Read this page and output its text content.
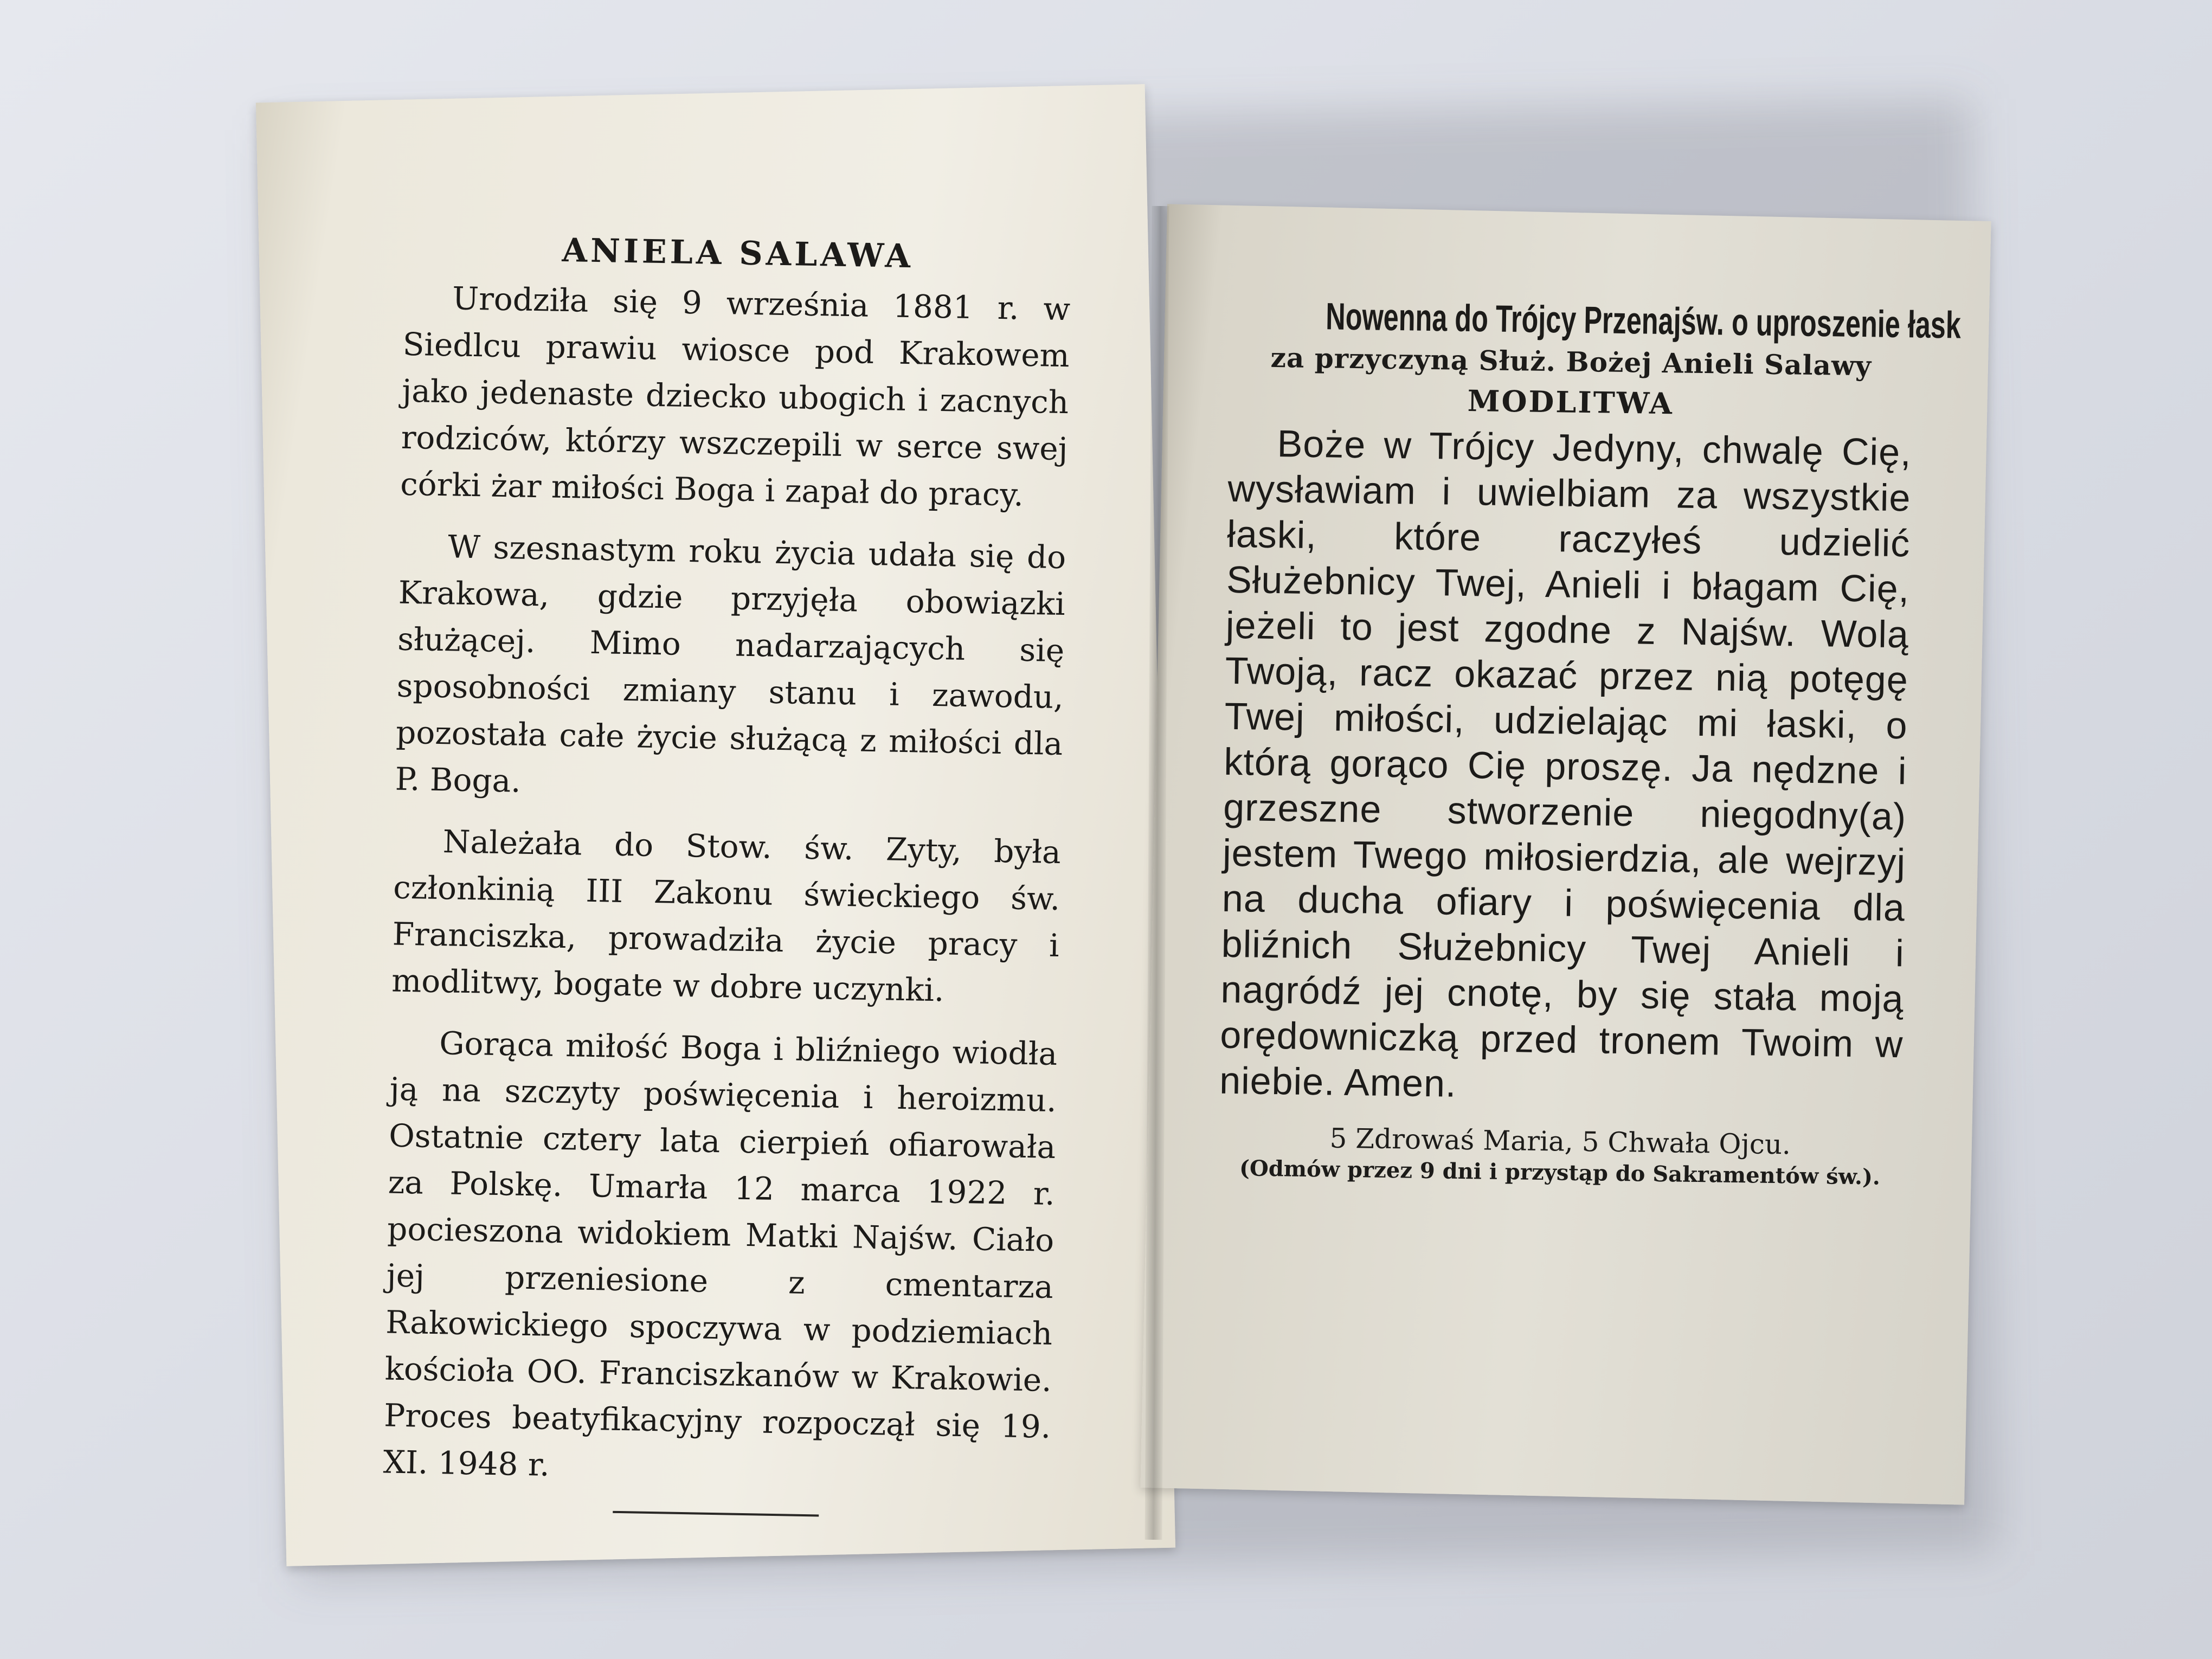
ANIELA SALAWA

Urodziła się 9 września 1881 r. w Siedlcu prawiu wiosce pod Krakowem jako jedenaste dziecko ubogich i zacnych rodziców, którzy wszczepili w serce swej córki żar miłości Boga i zapał do pracy.

W szesnastym roku życia udała się do Krakowa, gdzie przyjęła obowiązki służącej. Mimo nadarzających się sposobności zmiany stanu i zawodu, pozostała całe życie służącą z miłości dla P. Boga.

Należała do Stow. św. Zyty, była członkinią III Zakonu świeckiego św. Franciszka, prowadziła życie pracy i modlitwy, bogate w dobre uczynki.

Gorąca miłość Boga i bliźniego wiodła ją na szczyty poświęcenia i heroizmu. Ostatnie cztery lata cierpień ofiarowała za Polskę. Umarła 12 marca 1922 r. pocieszona widokiem Matki Najśw. Ciało jej przeniesione z cmentarza Rakowickiego spoczywa w podziemiach kościoła OO. Franciszkanów w Krakowie. Proces beatyfikacyjny rozpoczął się 19. XI. 1948 r.

Nowenna do Trójcy Przenajśw. o uproszenie łask
za przyczyną Służ. Bożej Anieli Salawy
MODLITWA

Boże w Trójcy Jedyny, chwalę Cię, wysławiam i uwielbiam za wszystkie łaski, które raczyłeś udzielić Służebnicy Twej, Anieli i błagam Cię, jeżeli to jest zgodne z Najśw. Wolą Twoją, racz okazać przez nią potęgę Twej miłości, udzielając mi łaski, o którą gorąco Cię proszę. Ja nędzne i grzeszne stworzenie niegodny(a) jestem Twego miłosierdzia, ale wejrzyj na ducha ofiary i poświęcenia dla bliźnich Służebnicy Twej Anieli i nagródź jej cnotę, by się stała moją orędowniczką przed tronem Twoim w niebie. Amen.

5 Zdrowaś Maria, 5 Chwała Ojcu.
(Odmów przez 9 dni i przystąp do Sakramentów św.).
